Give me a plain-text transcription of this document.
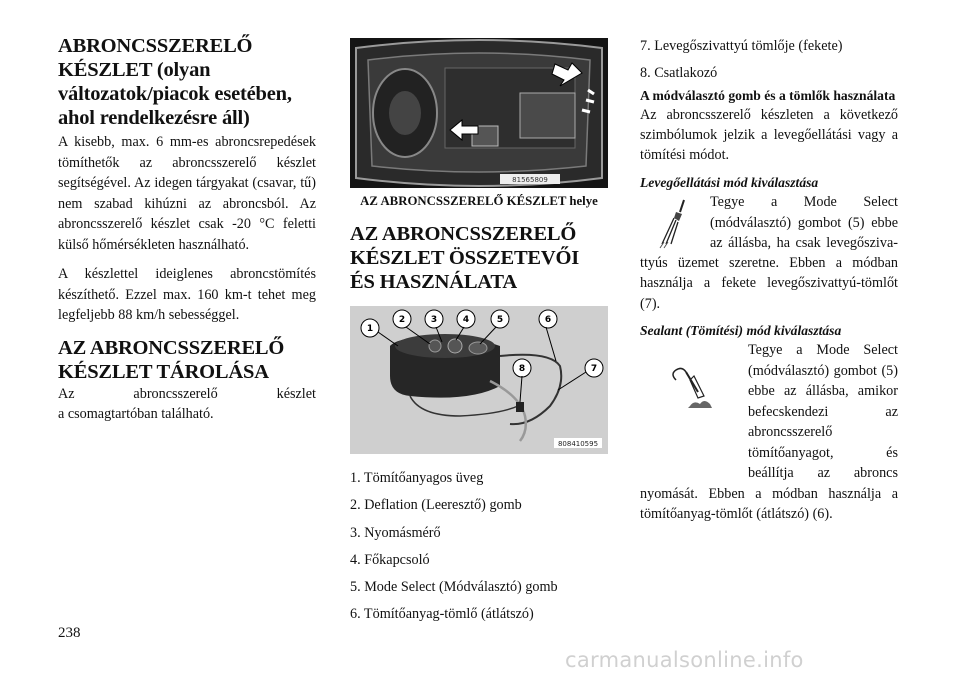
ABRONCSSZERELŐ KÉSZLET (olyan változatok/piacok esetében, ahol rendelkezésre áll)

A kisebb, max. 6 mm-es abroncsrepedések tömíthetők az abroncsszerelő készlet segítségével. Az idegen tárgyakat (csavar, tű) nem szabad kihúzni az abroncsból. Az abroncsszerelő készlet csak -20 °C feletti külső hőmérsékleten használható.

A készlettel ideiglenes abroncstömítés készíthető. Ezzel max. 160 km-t tehet meg legfeljebb 88 km/h sebességgel.

AZ ABRONCSSZERELŐ KÉSZLET TÁROLÁSA

Az abroncsszerelő készlet

a csomagtartóban található.

81565809
AZ ABRONCSSZERELŐ KÉSZLET helye
AZ ABRONCSSZERELŐ KÉSZLET ÖSSZETEVŐI ÉS HASZNÁLATA
1
2	3	4	5	6
7
8
808410595
1. Tömítőanyagos üveg
2. Deflation (Leeresztő) gomb
3. Nyomásmérő
4. Főkapcsoló
5. Mode Select (Módválasztó) gomb
6. Tömítőanyag-tömlő (átlátszó)
7. Levegőszivattyú tömlője (fekete)
8. Csatlakozó
A módválasztó gomb és a tömlők használata

Az abroncsszerelő készleten a következő szimbólumok jelzik a levegőellátási vagy a tömítési módot.

Levegőellátási mód kiválasztása

Tegye a Mode Select (módválasztó) gombot (5) ebbe az állásba, ha csak levegőszivattyús üzemet szeretne. Ebben a módban használja a fekete levegőszivattyú-tömlőt (7).

Sealant (Tömítési) mód kiválasztása

Tegye a Mode Select (módválasztó) gombot (5) ebbe az állásba, amikor befecskendezi az abroncsszerelő tömítőanyagot, és beállítja az abroncs nyomását. Ebben a módban használja a tömítőanyag-tömlőt (átlátszó) (6).

238
carmanualsonline.info
